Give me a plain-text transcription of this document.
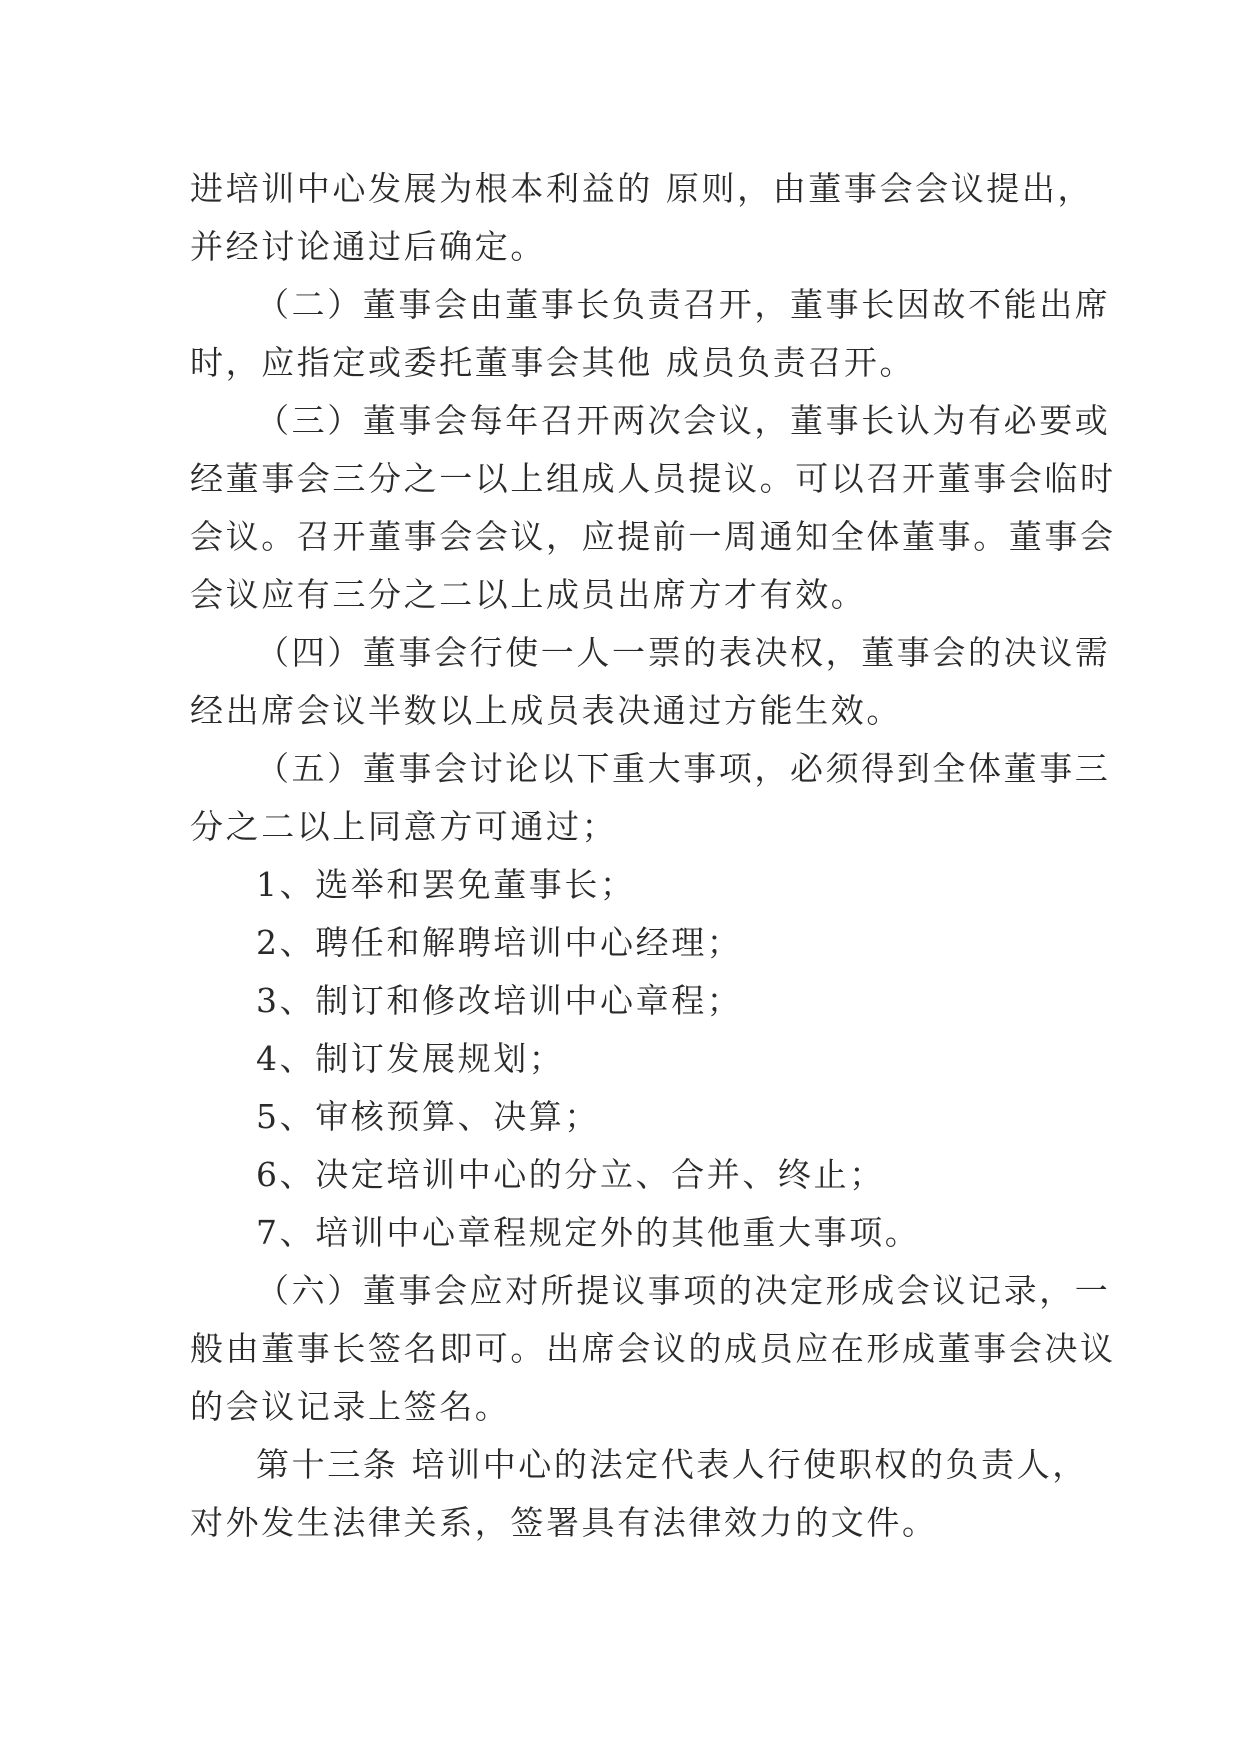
进培训中心发展为根本利益的 原则，由董事会会议提出，
并经讨论通过后确定。
（二）董事会由董事长负责召开，董事长因故不能出席
时，应指定或委托董事会其他 成员负责召开。
（三）董事会每年召开两次会议，董事长认为有必要或
经董事会三分之一以上组成人员提议。可以召开董事会临时
会议。召开董事会会议，应提前一周通知全体董事。董事会
会议应有三分之二以上成员出席方才有效。
（四）董事会行使一人一票的表决权，董事会的决议需
经出席会议半数以上成员表决通过方能生效。
（五）董事会讨论以下重大事项，必须得到全体董事三
分之二以上同意方可通过；
1、选举和罢免董事长；
2、聘任和解聘培训中心经理；
3、制订和修改培训中心章程；
4、制订发展规划；
5、审核预算、决算；
6、决定培训中心的分立、合并、终止；
7、培训中心章程规定外的其他重大事项。
（六）董事会应对所提议事项的决定形成会议记录，一
般由董事长签名即可。出席会议的成员应在形成董事会决议
的会议记录上签名。
第十三条 培训中心的法定代表人行使职权的负责人，
对外发生法律关系，签署具有法律效力的文件。
